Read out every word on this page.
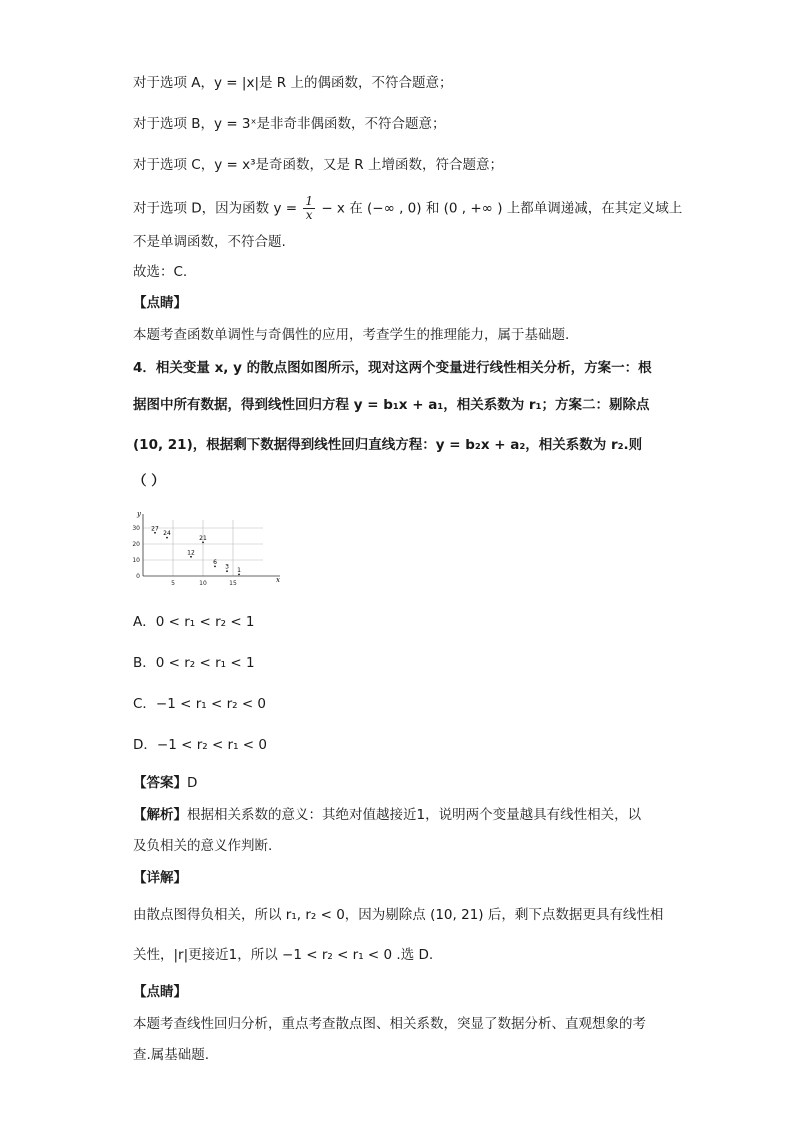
对于选项 A，y = |x|是 R 上的偶函数，不符合题意；
对于选项 B，y = 3ˣ是非奇非偶函数，不符合题意；
对于选项 C，y = x³是奇函数，又是 R 上增函数，符合题意；
对于选项 D，因为函数 $y = \frac{1}{x} - x$ 在 (−∞ , 0) 和 (0 , +∞ ) 上都单调递减，在其定义域上
不是单调函数，不符合题.
故选：C.
【点睛】
本题考查函数单调性与奇偶性的应用，考查学生的推理能力，属于基础题.
4．相关变量 x, y 的散点图如图所示，现对这两个变量进行线性相关分析，方案一：根
据图中所有数据，得到线性回归方程 y = b₁x + a₁，相关系数为 r₁；方案二：剔除点
(10, 21)，根据剩下数据得到线性回归直线方程：y = b₂x + a₂，相关系数为 r₂.则
（ ）
y
x
0
10
20
30
5	10	15
27
24
12
21
6
3 1
A．0 < r₁ < r₂ < 1
B．0 < r₂ < r₁ < 1
C．−1 < r₁ < r₂ < 0
D．−1 < r₂ < r₁ < 0
【答案】D
【解析】根据相关系数的意义：其绝对值越接近1，说明两个变量越具有线性相关，以
及负相关的意义作判断.
【详解】
由散点图得负相关，所以 r₁, r₂ < 0，因为剔除点 (10, 21) 后，剩下点数据更具有线性相
关性，|r|更接近1，所以 −1 < r₂ < r₁ < 0 .选 D.
【点睛】
本题考查线性回归分析，重点考查散点图、相关系数，突显了数据分析、直观想象的考
查.属基础题.
